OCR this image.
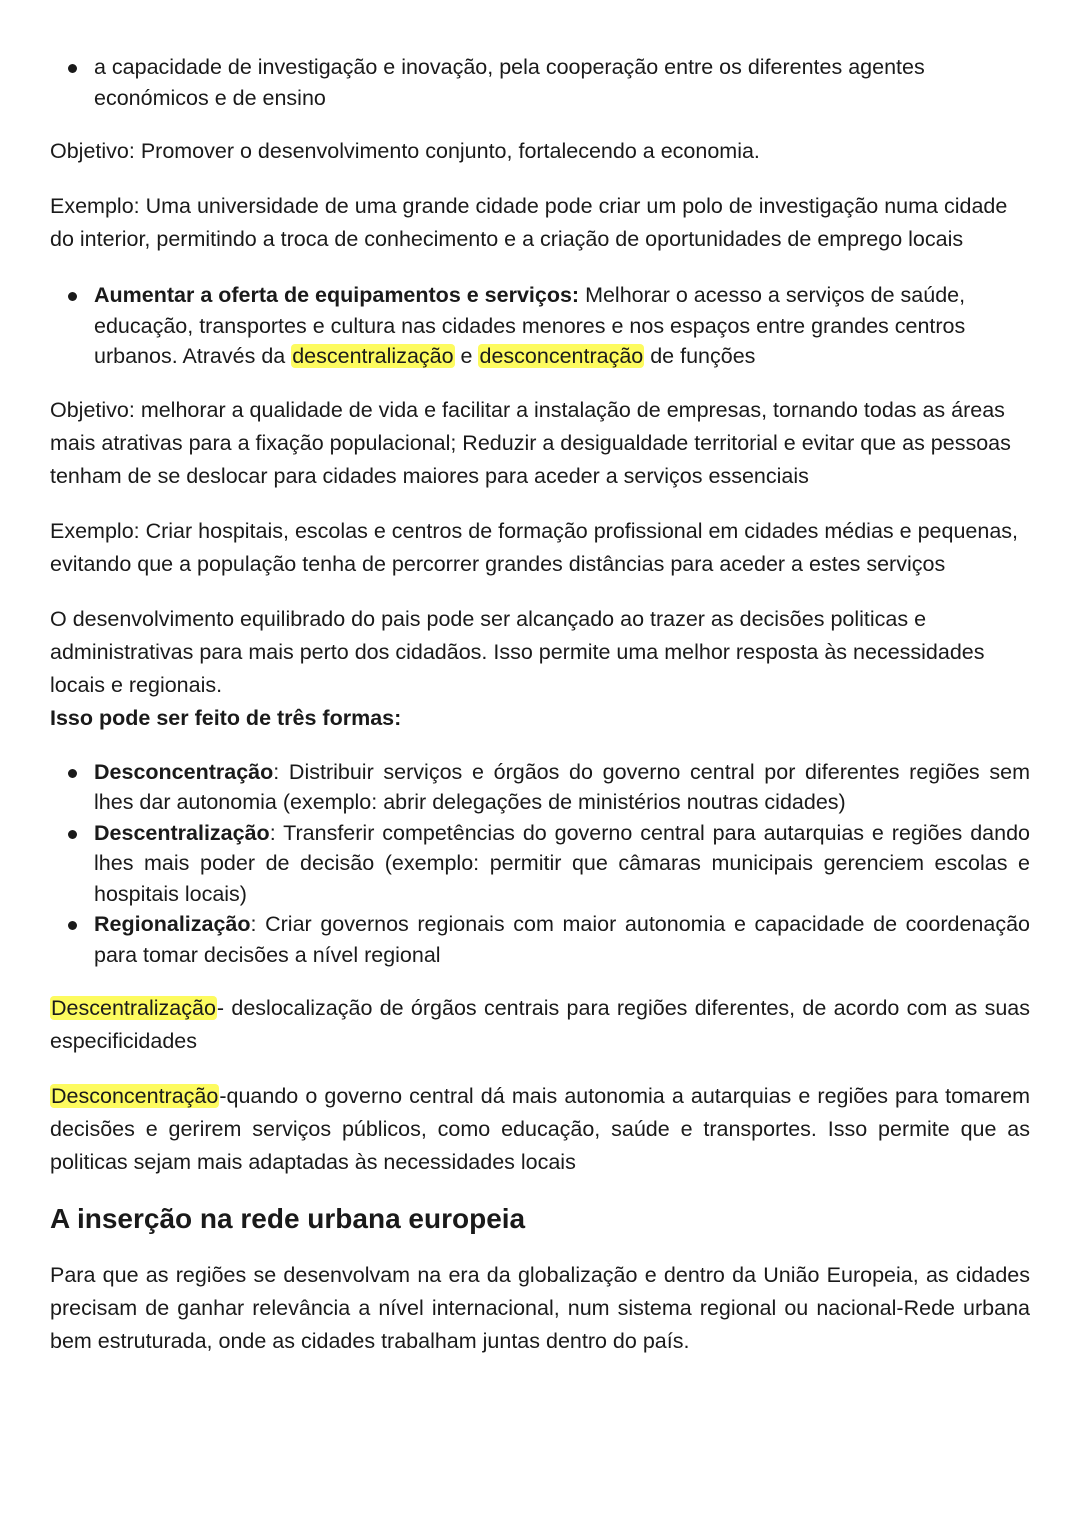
a capacidade de investigação e inovação, pela cooperação entre os diferentes agentes económicos e de ensino

Objetivo: Promover o desenvolvimento conjunto, fortalecendo a economia.

Exemplo: Uma universidade de uma grande cidade pode criar um polo de investigação numa cidade do interior, permitindo a troca de conhecimento e a criação de oportunidades de emprego locais

Aumentar a oferta de equipamentos e serviços: Melhorar o acesso a serviços de saúde, educação, transportes e cultura nas cidades menores e nos espaços entre grandes centros urbanos. Através da descentralização e desconcentração de funções

Objetivo: melhorar a qualidade de vida e facilitar a instalação de empresas, tornando todas as áreas mais atrativas para a fixação populacional; Reduzir a desigualdade territorial e evitar que as pessoas tenham de se deslocar para cidades maiores para aceder a serviços essenciais

Exemplo: Criar hospitais, escolas e centros de formação profissional em cidades médias e pequenas, evitando que a população tenha de percorrer grandes distâncias para aceder a estes serviços

O desenvolvimento equilibrado do pais pode ser alcançado ao trazer as decisões politicas e administrativas para mais perto dos cidadãos. Isso permite uma melhor resposta às necessidades locais e regionais.

Isso pode ser feito de três formas:

Desconcentração: Distribuir serviços e órgãos do governo central por diferentes regiões sem lhes dar autonomia (exemplo: abrir delegações de ministérios noutras cidades)
Descentralização: Transferir competências do governo central para autarquias e regiões dando lhes mais poder de decisão (exemplo: permitir que câmaras municipais gerenciem escolas e hospitais locais)
Regionalização: Criar governos regionais com maior autonomia e capacidade de coordenação para tomar decisões a nível regional

Descentralização- deslocalização de órgãos centrais para regiões diferentes, de acordo com as suas especificidades

Desconcentração-quando o governo central dá mais autonomia a autarquias e regiões para tomarem decisões e gerirem serviços públicos, como educação, saúde e transportes. Isso permite que as politicas sejam mais adaptadas às necessidades locais

A inserção na rede urbana europeia

Para que as regiões se desenvolvam na era da globalização e dentro da União Europeia, as cidades precisam de ganhar relevância a nível internacional, num sistema regional ou nacional-Rede urbana bem estruturada, onde as cidades trabalham juntas dentro do país.
